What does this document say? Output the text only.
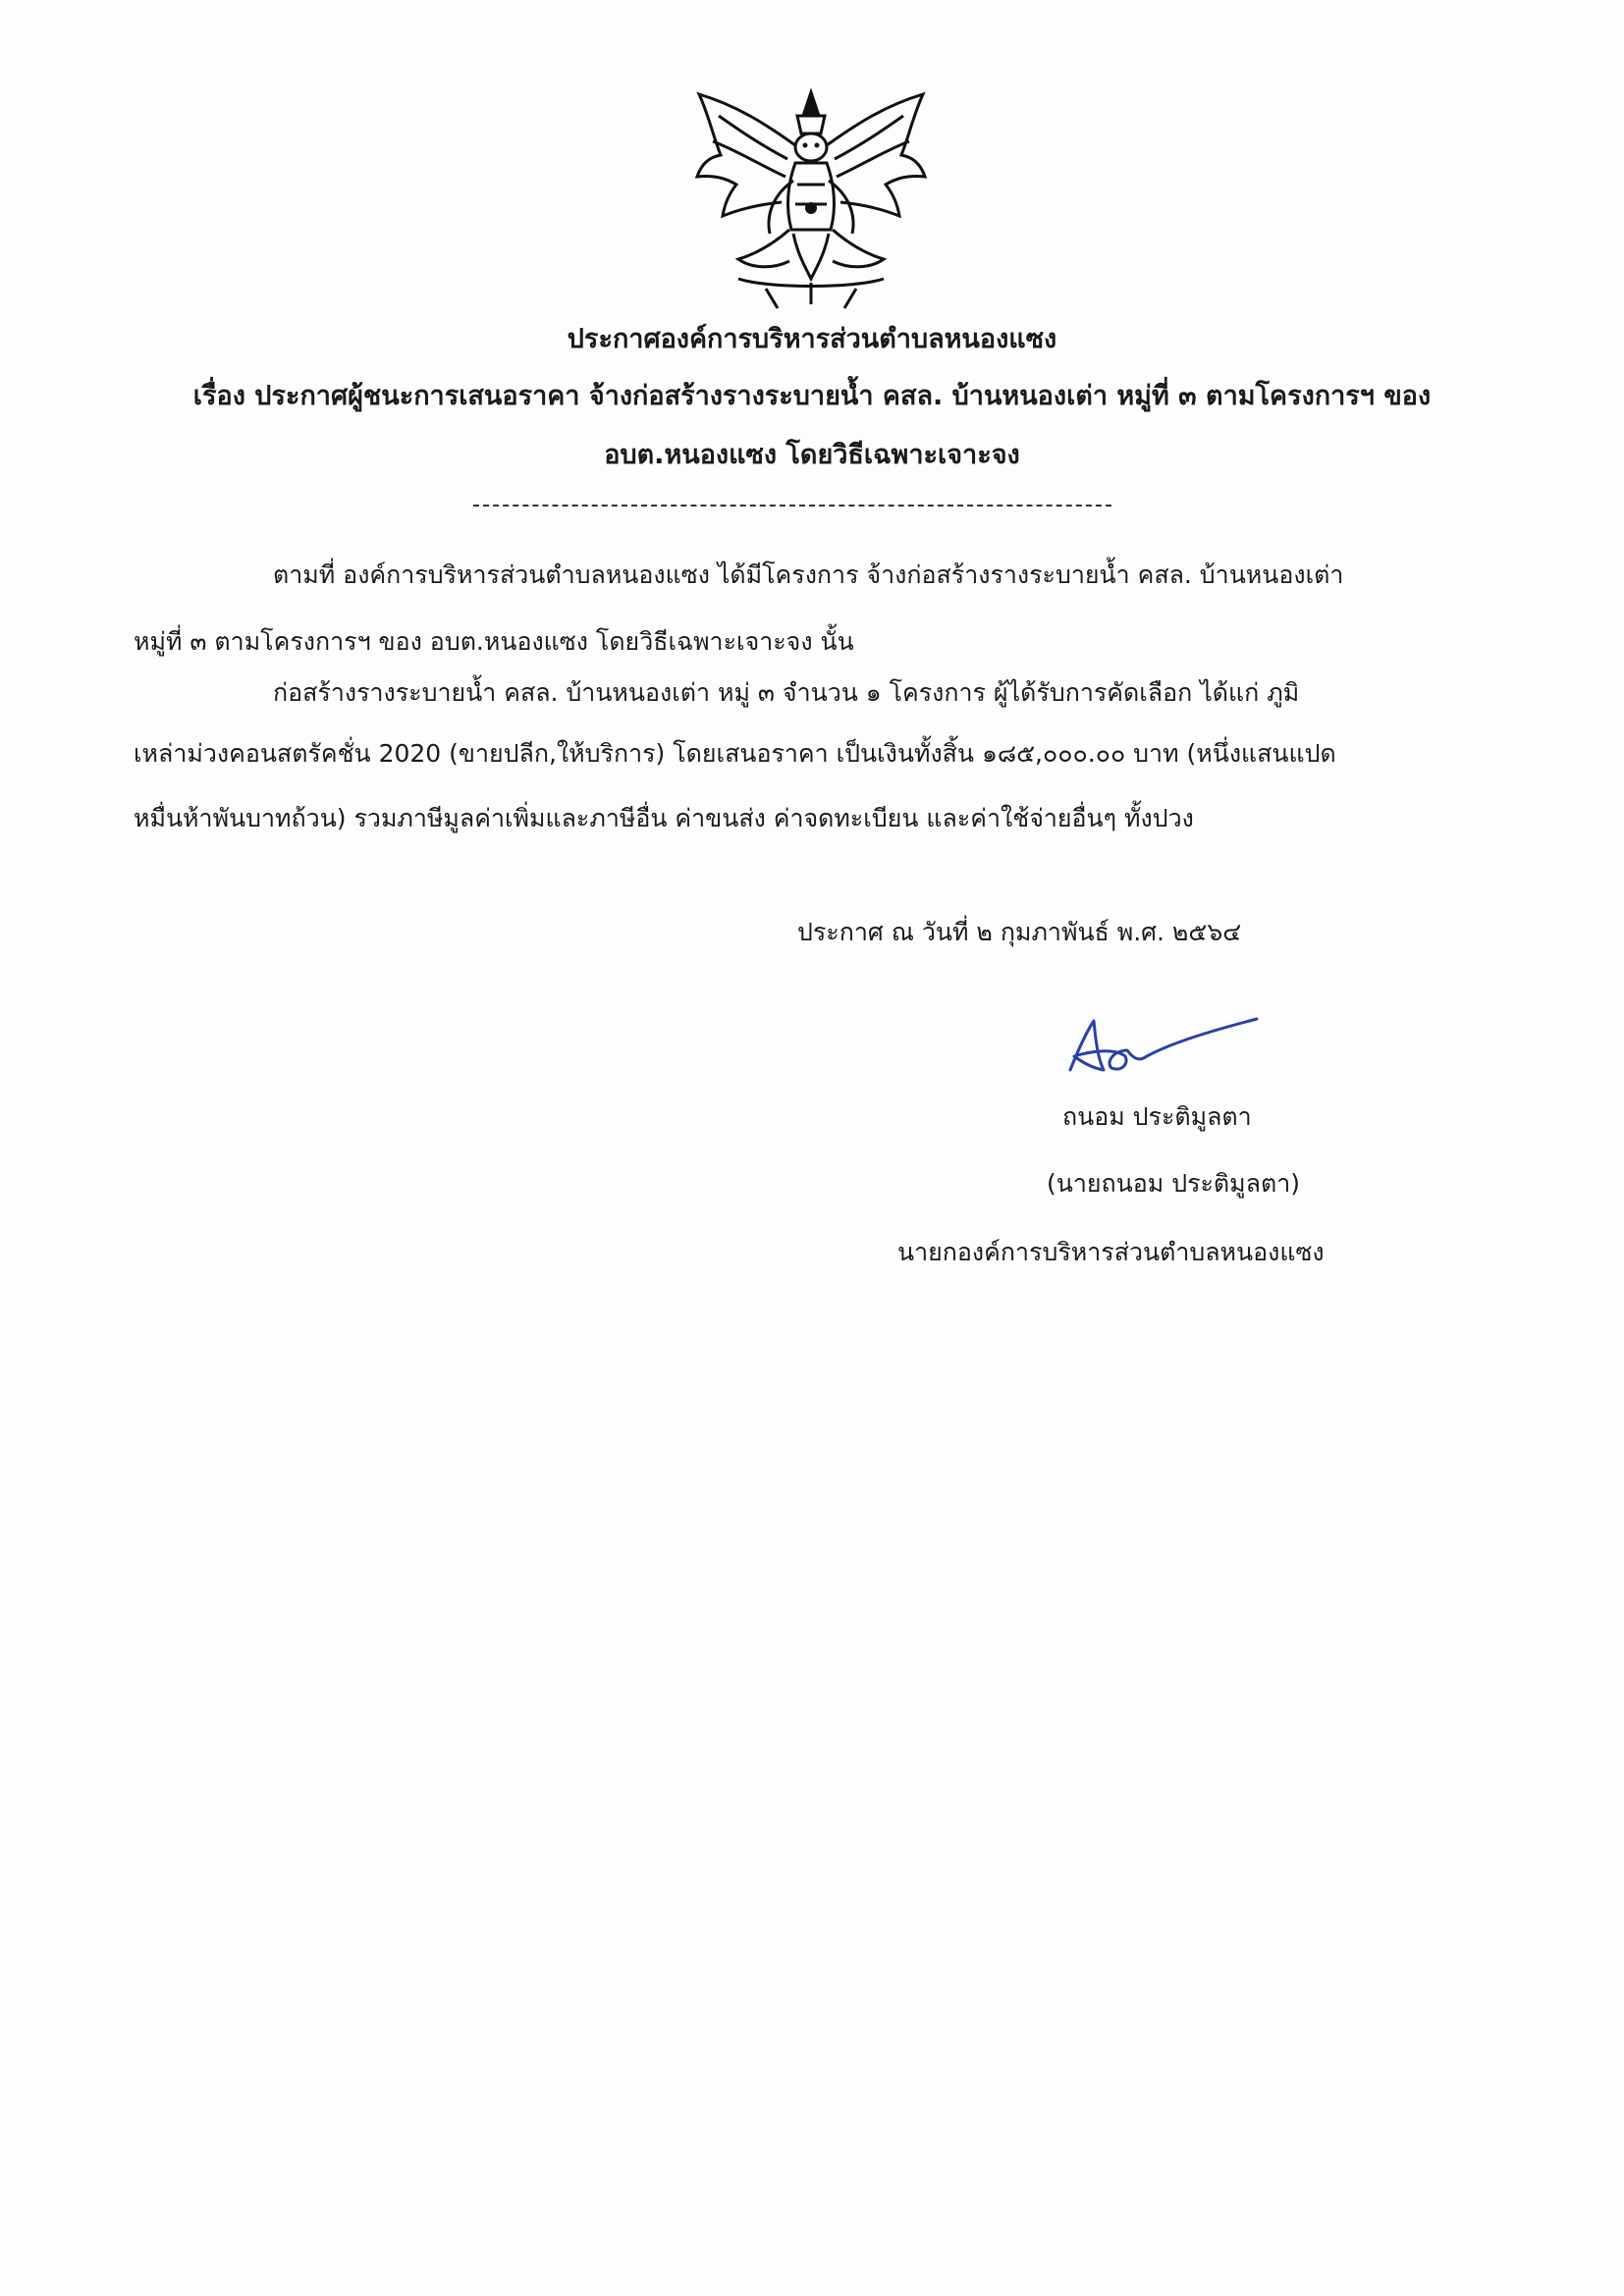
ประกาศองค์การบริหารส่วนตำบลหนองแซง
เรื่อง ประกาศผู้ชนะการเสนอราคา จ้างก่อสร้างรางระบายน้ำ คสล. บ้านหนองเต่า หมู่ที่ ๓ ตามโครงการฯ ของ
อบต.หนองแซง โดยวิธีเฉพาะเจาะจง
ตามที่ องค์การบริหารส่วนตำบลหนองแซง ได้มีโครงการ จ้างก่อสร้างรางระบายน้ำ คสล. บ้านหนองเต่า
หมู่ที่ ๓ ตามโครงการฯ ของ อบต.หนองแซง โดยวิธีเฉพาะเจาะจง นั้น
ก่อสร้างรางระบายน้ำ คสล. บ้านหนองเต่า หมู่ ๓ จำนวน ๑ โครงการ ผู้ได้รับการคัดเลือก ได้แก่ ภูมิ
เหล่าม่วงคอนสตรัคชั่น 2020 (ขายปลีก,ให้บริการ) โดยเสนอราคา เป็นเงินทั้งสิ้น ๑๘๕,๐๐๐.๐๐ บาท (หนึ่งแสนแปด
หมื่นห้าพันบาทถ้วน) รวมภาษีมูลค่าเพิ่มและภาษีอื่น ค่าขนส่ง ค่าจดทะเบียน และค่าใช้จ่ายอื่นๆ ทั้งปวง
ประกาศ ณ วันที่ ๒ กุมภาพันธ์ พ.ศ. ๒๕๖๔
ถนอม ประติมูลตา
(นายถนอม ประติมูลตา)
นายกองค์การบริหารส่วนตำบลหนองแซง
